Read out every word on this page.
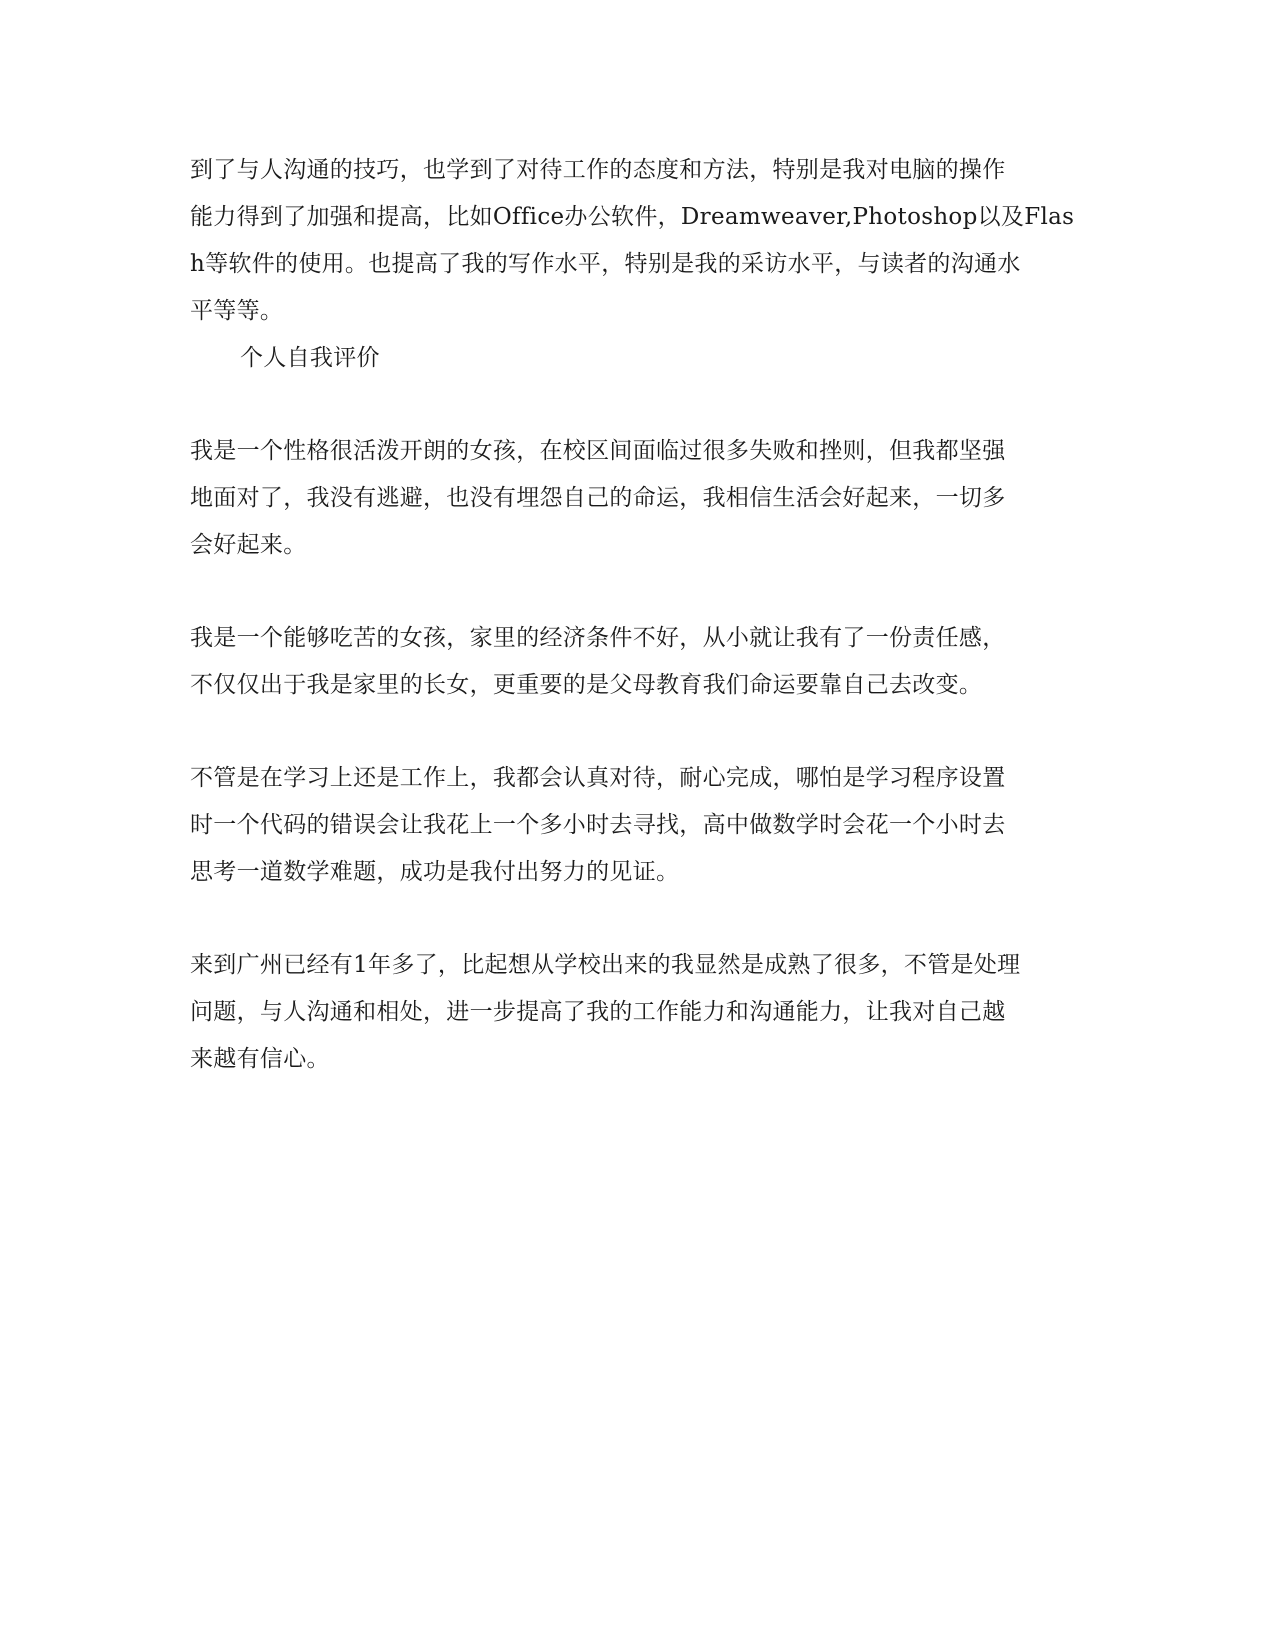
到了与人沟通的技巧，也学到了对待工作的态度和方法，特别是我对电脑的操作
能力得到了加强和提高，比如Office办公软件，Dreamweaver,Photoshop以及Flas
h等软件的使用。也提高了我的写作水平，特别是我的采访水平，与读者的沟通水
平等等。
个人自我评价
我是一个性格很活泼开朗的女孩，在校区间面临过很多失败和挫则，但我都坚强
地面对了，我没有逃避，也没有埋怨自己的命运，我相信生活会好起来，一切多
会好起来。
我是一个能够吃苦的女孩，家里的经济条件不好，从小就让我有了一份责任感，
不仅仅出于我是家里的长女，更重要的是父母教育我们命运要靠自己去改变。
不管是在学习上还是工作上，我都会认真对待，耐心完成，哪怕是学习程序设置
时一个代码的错误会让我花上一个多小时去寻找，高中做数学时会花一个小时去
思考一道数学难题，成功是我付出努力的见证。
来到广州已经有1年多了，比起想从学校出来的我显然是成熟了很多，不管是处理
问题，与人沟通和相处，进一步提高了我的工作能力和沟通能力，让我对自己越
来越有信心。
